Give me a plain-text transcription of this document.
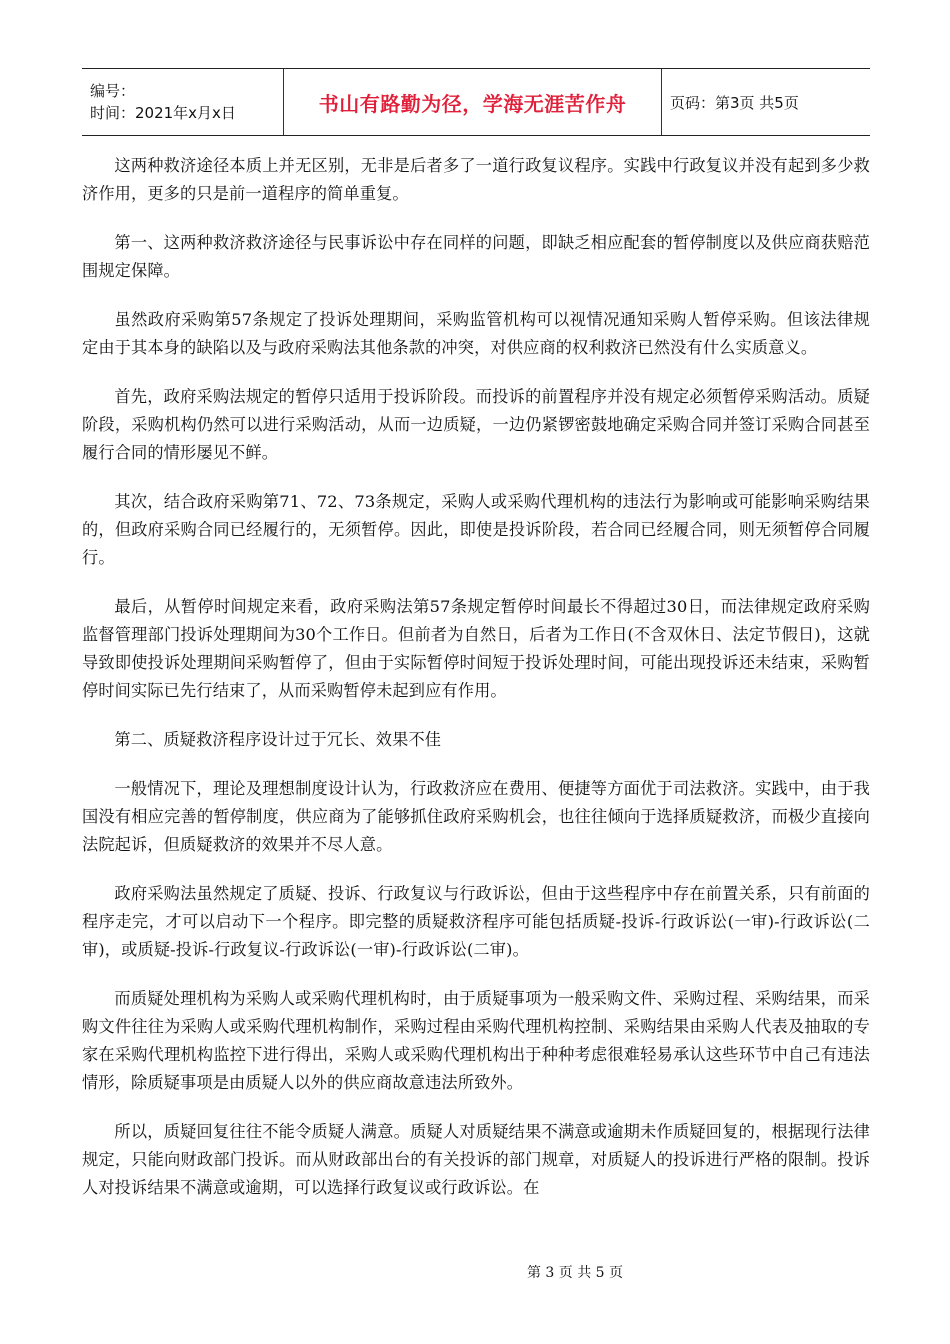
编号：
时间：2021年x月x日	书山有路勤为径，学海无涯苦作舟	页码：第3页 共5页

这两种救济途径本质上并无区别，无非是后者多了一道行政复议程序。实践中行政复议并没有起到多少救济作用，更多的只是前一道程序的简单重复。

第一、这两种救济救济途径与民事诉讼中存在同样的问题，即缺乏相应配套的暂停制度以及供应商获赔范围规定保障。

虽然政府采购第57条规定了投诉处理期间，采购监管机构可以视情况通知采购人暂停采购。但该法律规定由于其本身的缺陷以及与政府采购法其他条款的冲突，对供应商的权利救济已然没有什么实质意义。

首先，政府采购法规定的暂停只适用于投诉阶段。而投诉的前置程序并没有规定必须暂停采购活动。质疑阶段，采购机构仍然可以进行采购活动，从而一边质疑，一边仍紧锣密鼓地确定采购合同并签订采购合同甚至履行合同的情形屡见不鲜。

其次，结合政府采购第71、72、73条规定，采购人或采购代理机构的违法行为影响或可能影响采购结果的，但政府采购合同已经履行的，无须暂停。因此，即使是投诉阶段，若合同已经履合同，则无须暂停合同履行。

最后，从暂停时间规定来看，政府采购法第57条规定暂停时间最长不得超过30日，而法律规定政府采购监督管理部门投诉处理期间为30个工作日。但前者为自然日，后者为工作日(不含双休日、法定节假日)，这就导致即使投诉处理期间采购暂停了，但由于实际暂停时间短于投诉处理时间，可能出现投诉还未结束，采购暂停时间实际已先行结束了，从而采购暂停未起到应有作用。

第二、质疑救济程序设计过于冗长、效果不佳

一般情况下，理论及理想制度设计认为，行政救济应在费用、便捷等方面优于司法救济。实践中，由于我国没有相应完善的暂停制度，供应商为了能够抓住政府采购机会，也往往倾向于选择质疑救济，而极少直接向法院起诉，但质疑救济的效果并不尽人意。

政府采购法虽然规定了质疑、投诉、行政复议与行政诉讼，但由于这些程序中存在前置关系，只有前面的程序走完，才可以启动下一个程序。即完整的质疑救济程序可能包括质疑-投诉-行政诉讼(一审)-行政诉讼(二审)，或质疑-投诉-行政复议-行政诉讼(一审)-行政诉讼(二审)。

而质疑处理机构为采购人或采购代理机构时，由于质疑事项为一般采购文件、采购过程、采购结果，而采购文件往往为采购人或采购代理机构制作，采购过程由采购代理机构控制、采购结果由采购人代表及抽取的专家在采购代理机构监控下进行得出，采购人或采购代理机构出于种种考虑很难轻易承认这些环节中自己有违法情形，除质疑事项是由质疑人以外的供应商故意违法所致外。

所以，质疑回复往往不能令质疑人满意。质疑人对质疑结果不满意或逾期未作质疑回复的，根据现行法律规定，只能向财政部门投诉。而从财政部出台的有关投诉的部门规章，对质疑人的投诉进行严格的限制。投诉人对投诉结果不满意或逾期，可以选择行政复议或行政诉讼。在

第 3 页 共 5 页
